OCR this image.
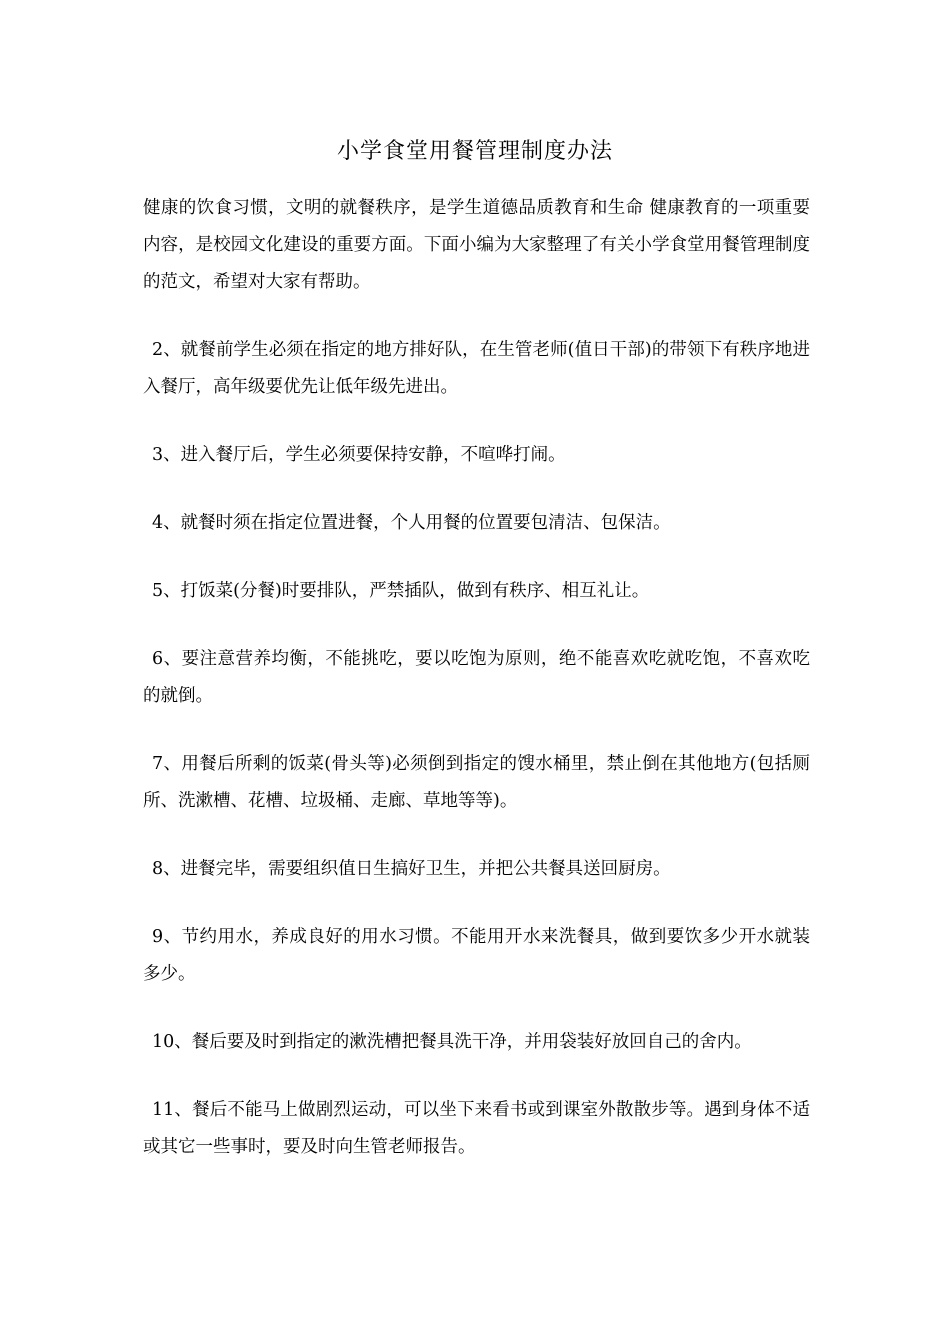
小学食堂用餐管理制度办法

健康的饮食习惯，文明的就餐秩序，是学生道德品质教育和生命 健康教育的一项重要内容，是校园文化建设的重要方面。下面小编为大家整理了有关小学食堂用餐管理制度的范文，希望对大家有帮助。

2、就餐前学生必须在指定的地方排好队，在生管老师(值日干部)的带领下有秩序地进入餐厅，高年级要优先让低年级先进出。

3、进入餐厅后，学生必须要保持安静，不喧哗打闹。

4、就餐时须在指定位置进餐，个人用餐的位置要包清洁、包保洁。

5、打饭菜(分餐)时要排队，严禁插队，做到有秩序、相互礼让。

6、要注意营养均衡，不能挑吃，要以吃饱为原则，绝不能喜欢吃就吃饱，不喜欢吃的就倒。

7、用餐后所剩的饭菜(骨头等)必须倒到指定的馊水桶里，禁止倒在其他地方(包括厕所、洗漱槽、花槽、垃圾桶、走廊、草地等等)。

8、进餐完毕，需要组织值日生搞好卫生，并把公共餐具送回厨房。

9、节约用水，养成良好的用水习惯。不能用开水来洗餐具，做到要饮多少开水就装多少。

10、餐后要及时到指定的漱洗槽把餐具洗干净，并用袋装好放回自己的舍内。

11、餐后不能马上做剧烈运动，可以坐下来看书或到课室外散散步等。遇到身体不适或其它一些事时，要及时向生管老师报告。
